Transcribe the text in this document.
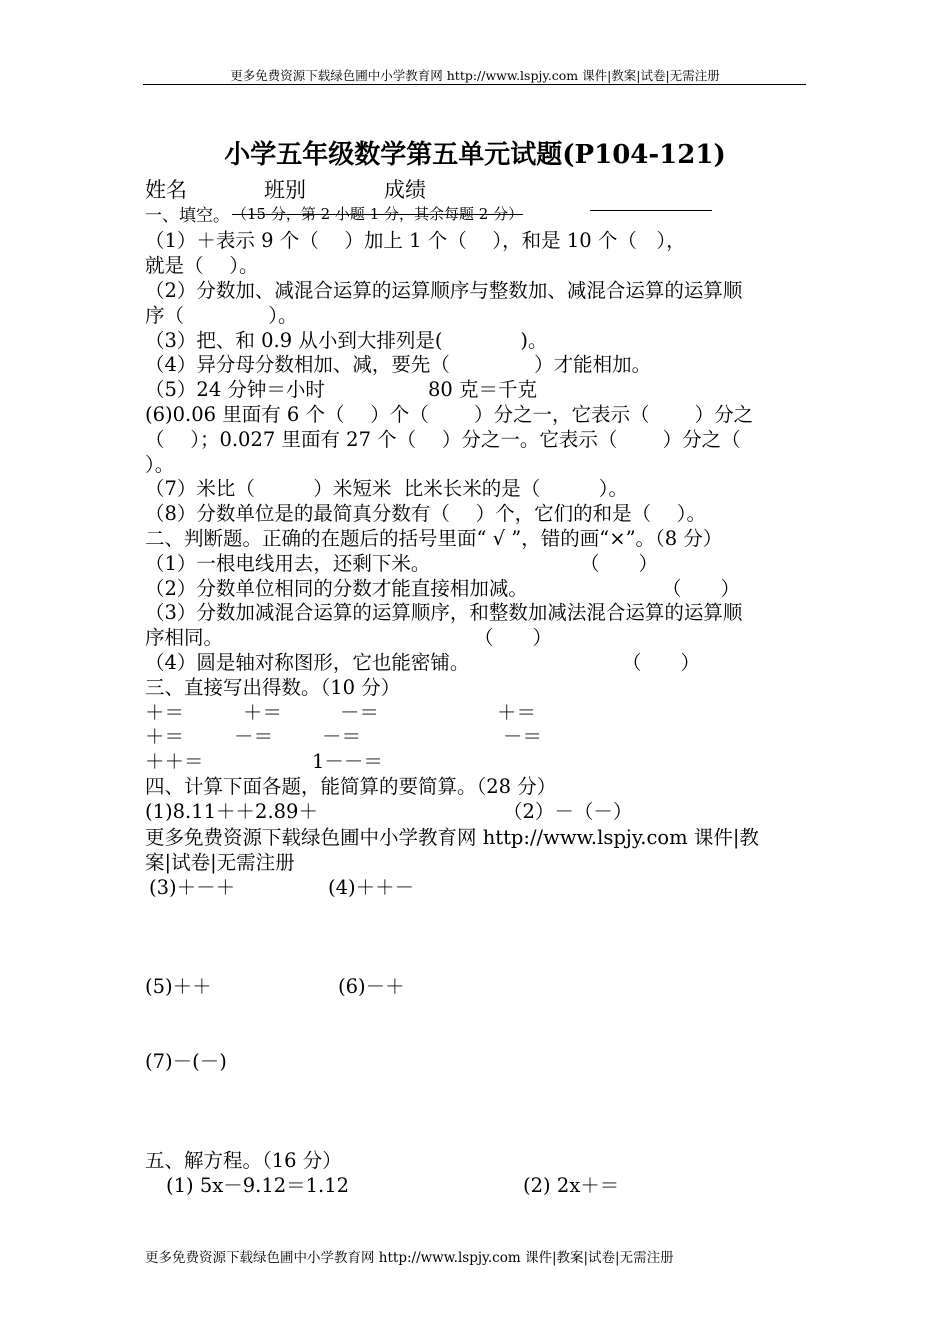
更多免费资源下载绿色圃中小学教育网 http://www.lspjy.com 课件|教案|试卷|无需注册
小学五年级数学第五单元试题(P104-121)
姓名	班别	成绩
一、填空。 （15 分，第 2 小题 1 分，其余每题 2 分）
（1）＋表示 9 个（　 ）加上 1 个（　 ），和是 10 个（　），
就是（　 ）。
（2）分数加、减混合运算的运算顺序与整数加、减混合运算的运算顺
序（　　　　 ）。
（3）把、和 0.9 从小到大排列是(　　　　)。
（4）异分母分数相加、减，要先（　　　　 ）才能相加。
（5）24 分钟＝小时	80 克＝千克
(6)0.06 里面有 6 个（　 ）个（　　 ）分之一，它表示（　　 ）分之
（　 ）；0.027 里面有 27 个（　 ）分之一。它表示（　　 ）分之（
）。
（7）米比（　　　）米短米  比米长米的是（　　　）。
（8）分数单位是的最简真分数有（　 ）个，它们的和是（　 ）。
二、判断题。正确的在题后的括号里面“ √ ”，错的画“×”。（8 分）
（1）一根电线用去，还剩下米。	（　　）
（2）分数单位相同的分数才能直接相加减。	（　　）
（3）分数加减混合运算的运算顺序，和整数加减法混合运算的运算顺
序相同。	（　　）
（4）圆是轴对称图形，它也能密铺。	（　　）
三、直接写出得数。（10 分）
＋＝	＋＝	－＝	＋＝
＋＝	－＝	－＝	－＝
＋＋＝	1－－＝
四、计算下面各题，能简算的要简算。（28 分）
(1)8.11＋＋2.89＋	（2）－（－）
更多免费资源下载绿色圃中小学教育网 http://www.lspjy.com 课件|教
案|试卷|无需注册
(3)＋－＋	(4)＋＋－
(5)＋＋	(6)－＋
(7)－(－)
五、解方程。（16 分）
(1) 5x－9.12＝1.12	(2) 2x＋＝
更多免费资源下载绿色圃中小学教育网 http://www.lspjy.com 课件|教案|试卷|无需注册
